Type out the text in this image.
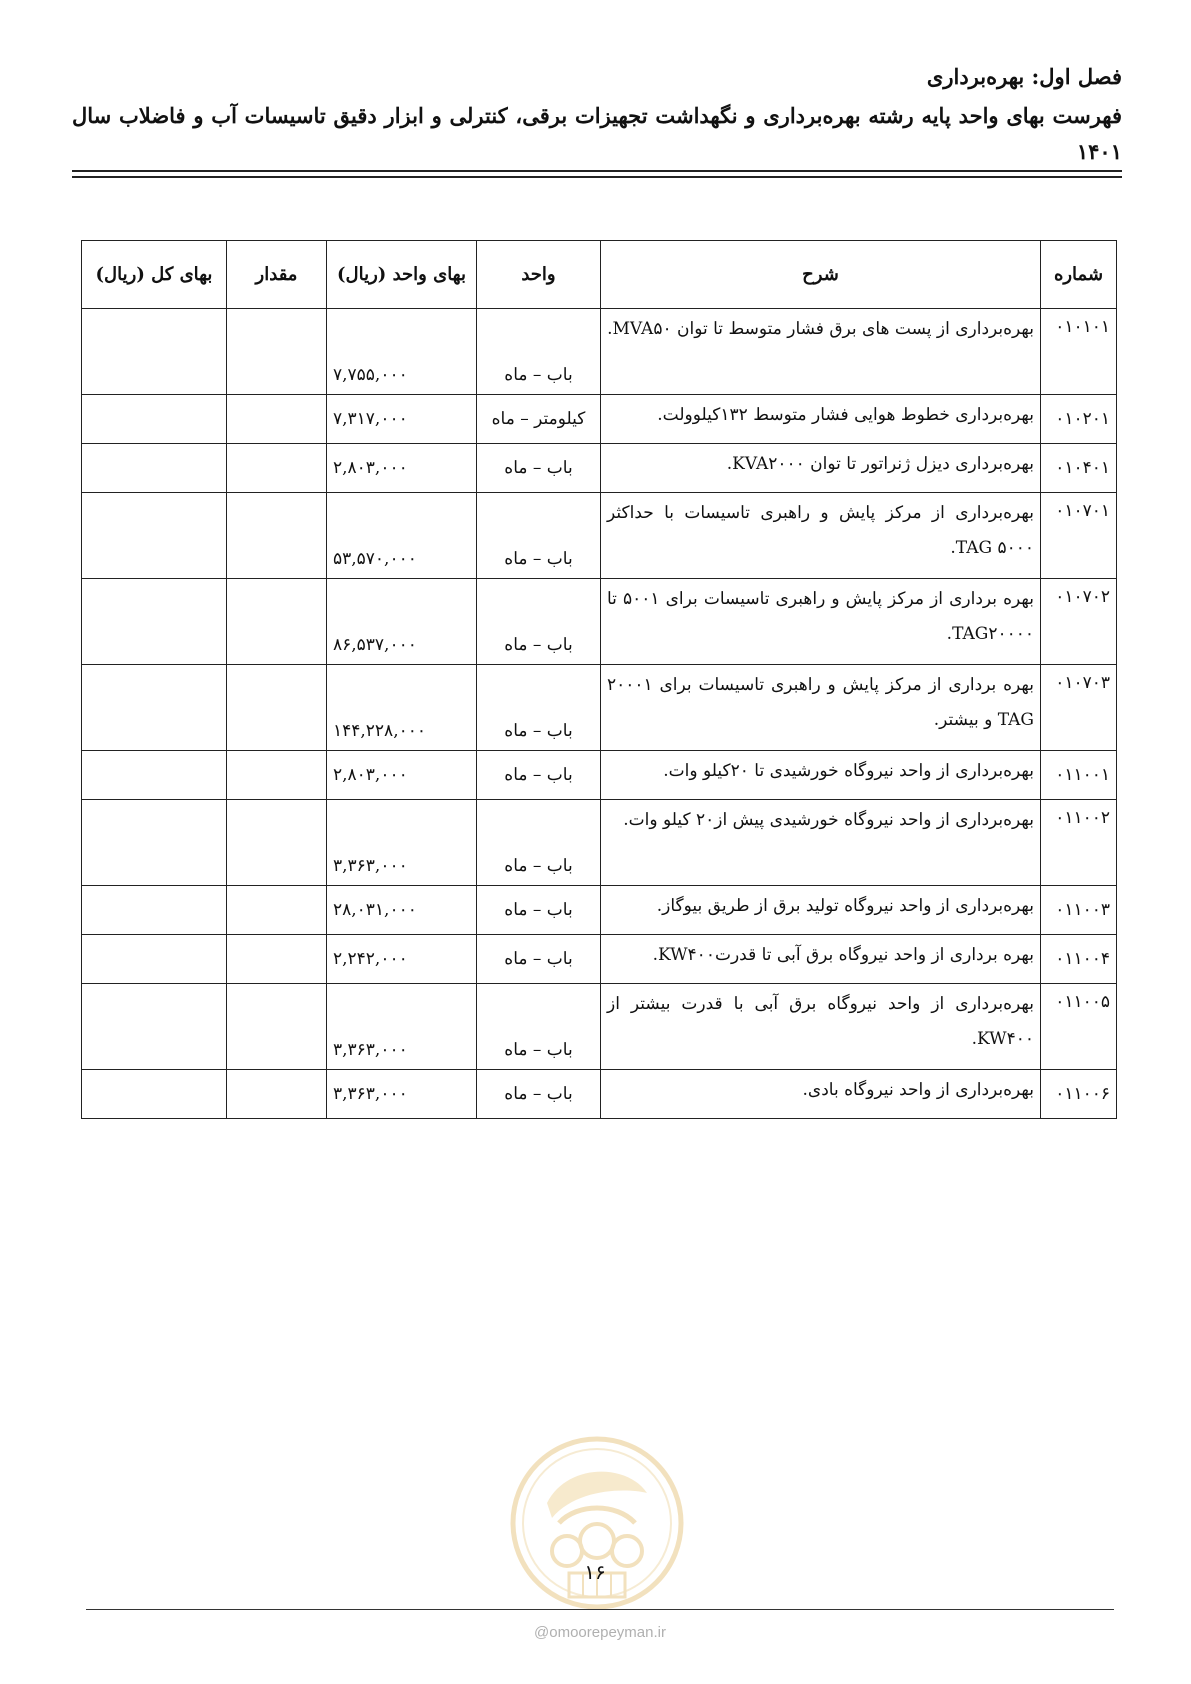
فصل اول: بهره‌برداری
فهرست بهای واحد پایه رشته بهره‌برداری و نگهداشت تجهیزات برقی، کنترلی و ابزار دقیق تاسیسات آب و فاضلاب سال ۱۴۰۱
شماره	شرح	واحد	بهای واحد (ریال)	مقدار	بهای کل (ریال)
۰۱۰۱۰۱	بهره‌برداری از پست های برق فشار متوسط تا توان MVA۵۰.	باب – ماه	۷,۷۵۵,۰۰۰		
۰۱۰۲۰۱	بهره‌برداری خطوط هوایی فشار متوسط ۱۳۲کیلوولت.	کیلومتر – ماه	۷,۳۱۷,۰۰۰		
۰۱۰۴۰۱	بهره‌برداری دیزل ژنراتور تا توان KVA۲۰۰۰.	باب – ماه	۲,۸۰۳,۰۰۰		
۰۱۰۷۰۱	بهره‌برداری از مرکز پایش و راهبری تاسیسات با حداکثر TAG ۵۰۰۰.	باب – ماه	۵۳,۵۷۰,۰۰۰		
۰۱۰۷۰۲	بهره برداری از مرکز پایش و راهبری تاسیسات برای ۵۰۰۱ تا TAG۲۰۰۰۰.	باب – ماه	۸۶,۵۳۷,۰۰۰		
۰۱۰۷۰۳	بهره برداری از مرکز پایش و راهبری تاسیسات برای ۲۰۰۰۱ TAG و بیشتر.	باب – ماه	۱۴۴,۲۲۸,۰۰۰		
۰۱۱۰۰۱	بهره‌برداری از واحد نیروگاه خورشیدی تا ۲۰کیلو وات.	باب – ماه	۲,۸۰۳,۰۰۰		
۰۱۱۰۰۲	بهره‌برداری از واحد نیروگاه خورشیدی پیش از۲۰ کیلو وات.	باب – ماه	۳,۳۶۳,۰۰۰		
۰۱۱۰۰۳	بهره‌برداری از واحد نیروگاه تولید برق از طریق بیوگاز.	باب – ماه	۲۸,۰۳۱,۰۰۰		
۰۱۱۰۰۴	بهره برداری از واحد نیروگاه برق آبی تا قدرتKW۴۰۰.	باب – ماه	۲,۲۴۲,۰۰۰		
۰۱۱۰۰۵	بهره‌برداری از واحد نیروگاه برق آبی با قدرت بیشتر از KW۴۰۰.	باب – ماه	۳,۳۶۳,۰۰۰		
۰۱۱۰۰۶	بهره‌برداری از واحد نیروگاه بادی.	باب – ماه	۳,۳۶۳,۰۰۰		
۱۶
@omoorepeyman.ir
